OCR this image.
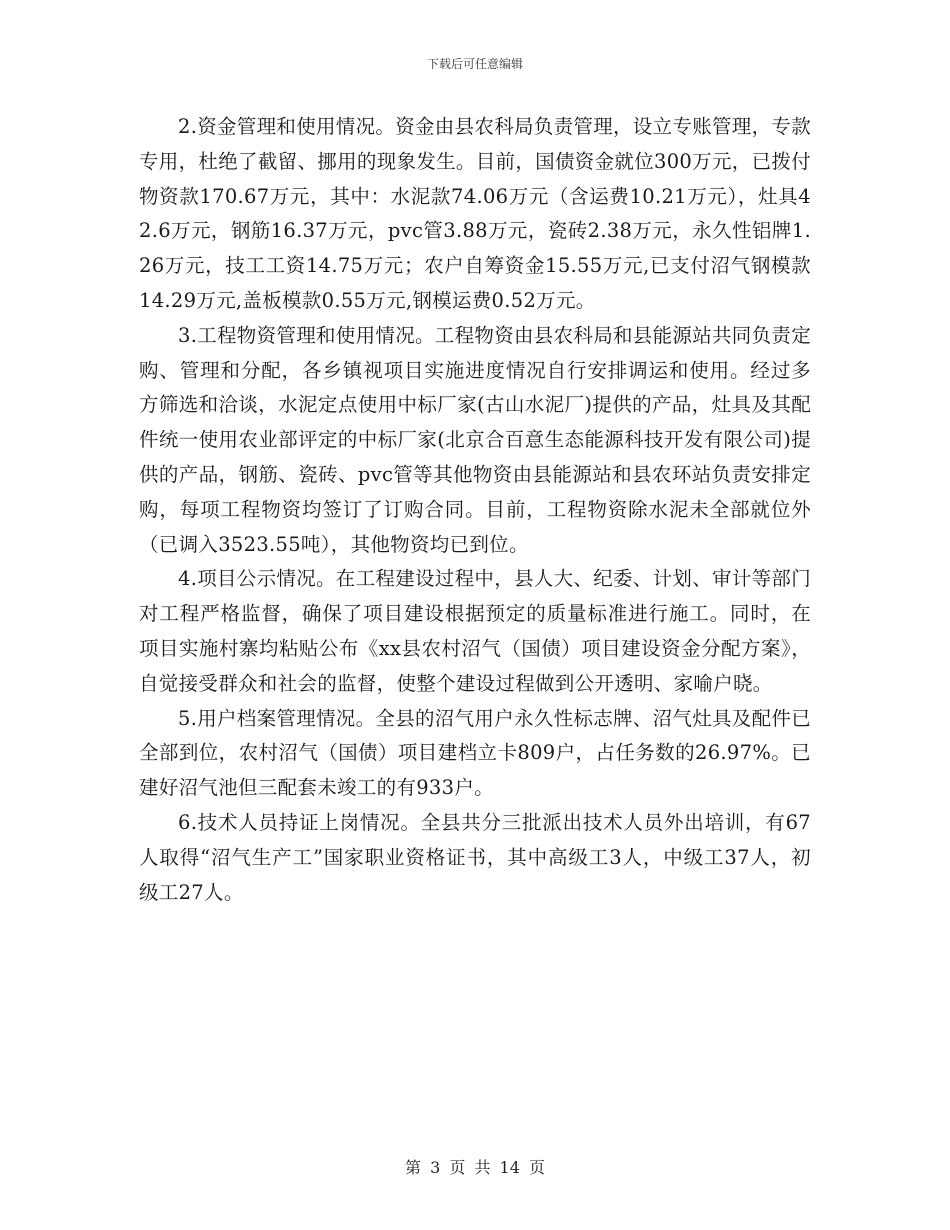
下载后可任意编辑

2.资金管理和使用情况。资金由县农科局负责管理，设立专账管理，专款专用，杜绝了截留、挪用的现象发生。目前，国债资金就位300万元，已拨付物资款170.67万元，其中：水泥款74.06万元（含运费10.21万元），灶具42.6万元，钢筋16.37万元，pvc管3.88万元，瓷砖2.38万元，永久性铝牌1.26万元，技工工资14.75万元；农户自筹资金15.55万元,已支付沼气钢模款14.29万元,盖板模款0.55万元,钢模运费0.52万元。

3.工程物资管理和使用情况。工程物资由县农科局和县能源站共同负责定购、管理和分配，各乡镇视项目实施进度情况自行安排调运和使用。经过多方筛选和洽谈，水泥定点使用中标厂家(古山水泥厂)提供的产品，灶具及其配件统一使用农业部评定的中标厂家(北京合百意生态能源科技开发有限公司)提供的产品，钢筋、瓷砖、pvc管等其他物资由县能源站和县农环站负责安排定购，每项工程物资均签订了订购合同。目前，工程物资除水泥未全部就位外（已调入3523.55吨），其他物资均已到位。

4.项目公示情况。在工程建设过程中，县人大、纪委、计划、审计等部门对工程严格监督，确保了项目建设根据预定的质量标准进行施工。同时，在项目实施村寨均粘贴公布《xx县农村沼气（国债）项目建设资金分配方案》，自觉接受群众和社会的监督，使整个建设过程做到公开透明、家喻户晓。

5.用户档案管理情况。全县的沼气用户永久性标志牌、沼气灶具及配件已全部到位，农村沼气（国债）项目建档立卡809户，占任务数的26.97%。已建好沼气池但三配套未竣工的有933户。

6.技术人员持证上岗情况。全县共分三批派出技术人员外出培训，有67人取得“沼气生产工”国家职业资格证书，其中高级工3人，中级工37人，初级工27人。

第 3 页 共 14 页
